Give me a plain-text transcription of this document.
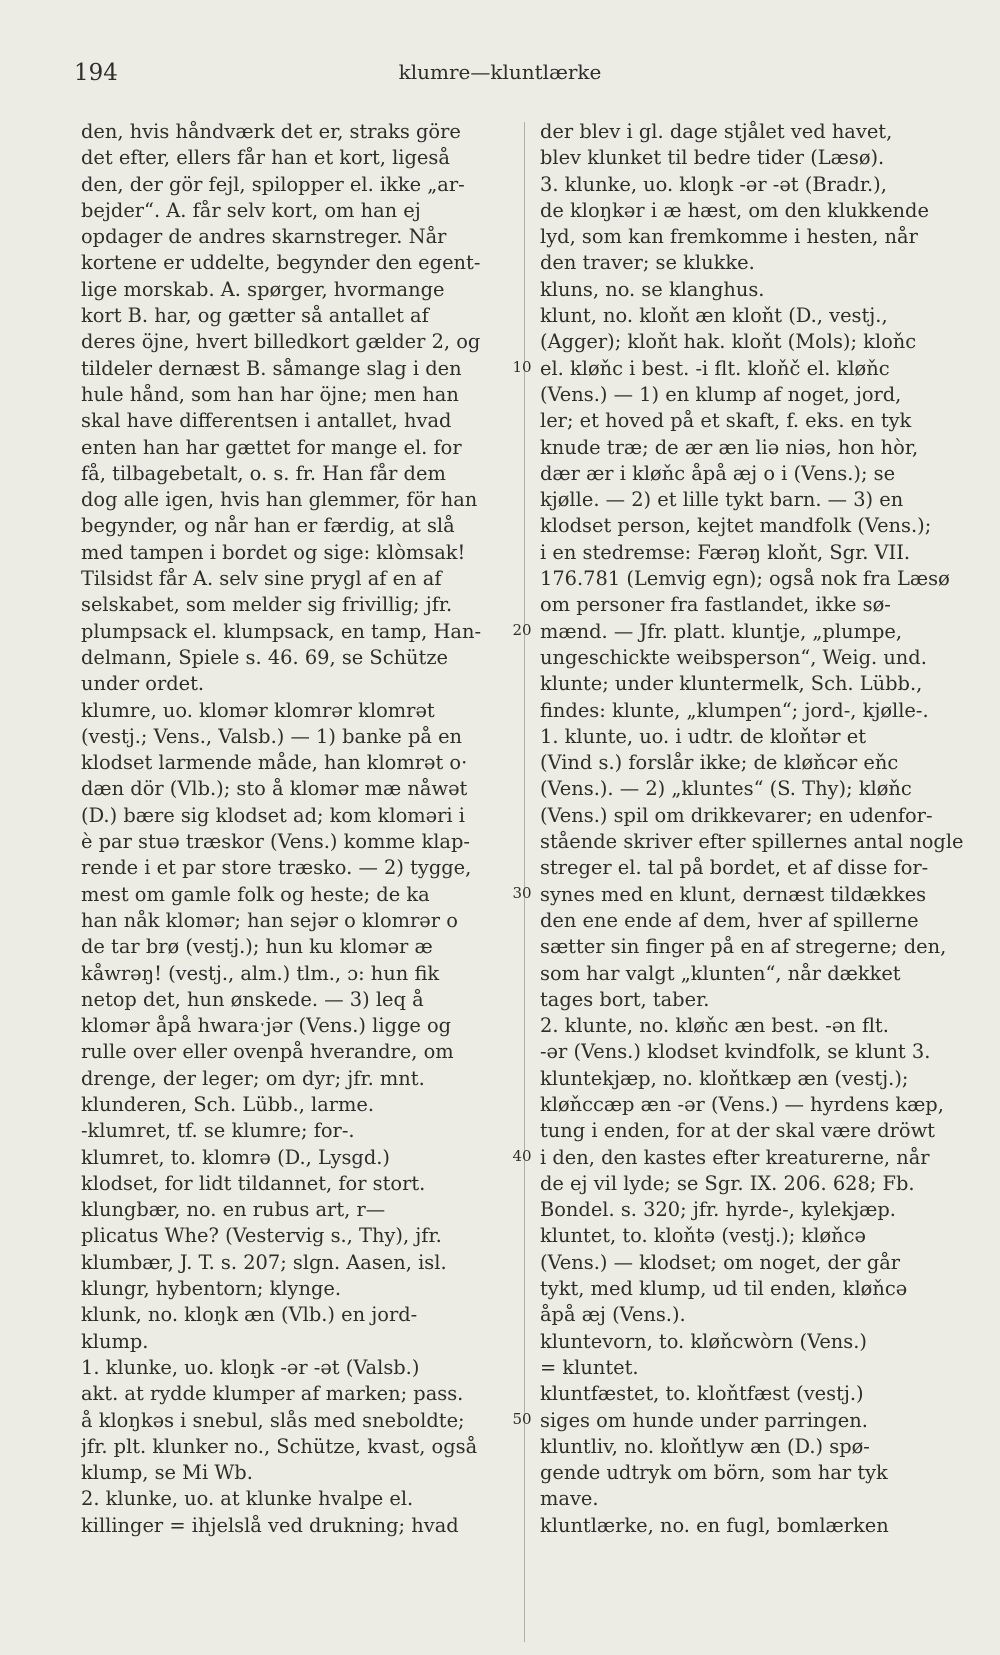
194	klumre—kluntlærke
den, hvis håndværk det er, straks göre
det efter, ellers får han et kort, ligeså
den, der gör fejl, spilopper el. ikke „ar-
bejder“. A. får selv kort, om han ej
opdager de andres skarnstreger. Når
kortene er uddelte, begynder den egent-
lige morskab. A. spørger, hvormange
kort B. har, og gætter så antallet af
deres öjne, hvert billedkort gælder 2, og
tildeler dernæst B. såmange slag i den
hule hånd, som han har öjne; men han
skal have differentsen i antallet, hvad
enten han har gættet for mange el. for
få, tilbagebetalt, o. s. fr. Han får dem
dog alle igen, hvis han glemmer, för han
begynder, og når han er færdig, at slå
med tampen i bordet og sige: klòmsak!
Tilsidst får A. selv sine prygl af en af
selskabet, som melder sig frivillig; jfr.
plumpsack el. klumpsack, en tamp, Han-
delmann, Spiele s. 46. 69, se Schütze
under ordet.
klumre, uo. klomər klomrər klomrət
(vestj.; Vens., Valsb.) — 1) banke på en
klodset larmende måde, han klomrət o·
dæn dör (Vlb.); sto å klomər mæ nåwət
(D.) bære sig klodset ad; kom kloməri i
è par stuə træskor (Vens.) komme klap-
rende i et par store træsko. — 2) tygge,
mest om gamle folk og heste; de ka
han nåk klomər; han sejər o klomrər o
de tar brø (vestj.); hun ku klomər æ
kåwrəŋ! (vestj., alm.) tlm., ɔ: hun fik
netop det, hun ønskede. — 3) leq å
klomər åpå hwaraˑjər (Vens.) ligge og
rulle over eller ovenpå hverandre, om
drenge, der leger; om dyr; jfr. mnt.
klunderen, Sch. Lübb., larme.
-klumret, tf. se klumre; for-.
klumret, to. klomrə (D., Lysgd.)
klodset, for lidt tildannet, for stort.
klungbær, no. en rubus art, r—
plicatus Whe? (Vestervig s., Thy), jfr.
klumbær, J. T. s. 207; slgn. Aasen, isl.
klungr, hybentorn; klynge.
klunk, no. kloŋk æn (Vlb.) en jord-
klump.
1. klunke, uo. kloŋk -ər -ət (Valsb.)
akt. at rydde klumper af marken; pass.
å kloŋkəs i snebul, slås med sneboldte;
jfr. plt. klunker no., Schütze, kvast, også
klump, se Mi Wb.
2. klunke, uo. at klunke hvalpe el.
killinger = ihjelslå ved drukning; hvad
der blev i gl. dage stjålet ved havet,
blev klunket til bedre tider (Læsø).
3. klunke, uo. kloŋk -ər -ət (Bradr.),
de kloŋkər i æ hæst, om den klukkende
lyd, som kan fremkomme i hesten, når
den traver; se klukke.
kluns, no. se klanghus.
klunt, no. kloňt æn kloňt (D., vestj.,
(Agger); kloňt hak. kloňt (Mols); kloňc
el. kløňc i best. -i flt. kloňč el. kløňc
(Vens.) — 1) en klump af noget, jord,
ler; et hoved på et skaft, f. eks. en tyk
knude træ; de ær æn liə niəs, hon hòr,
dær ær i kløňc åpå æj o i (Vens.); se
kjølle. — 2) et lille tykt barn. — 3) en
klodset person, kejtet mandfolk (Vens.);
i en stedremse: Færəŋ kloňt, Sgr. VII.
176.781 (Lemvig egn); også nok fra Læsø
om personer fra fastlandet, ikke sø-
mænd. — Jfr. platt. kluntje, „plumpe,
ungeschickte weibsperson“, Weig. und.
klunte; under kluntermelk, Sch. Lübb.,
findes: klunte, „klumpen“; jord-, kjølle-.
1. klunte, uo. i udtr. de kloňtər et
(Vind s.) forslår ikke; de kløňcər eňc
(Vens.). — 2) „kluntes“ (S. Thy); kløňc
(Vens.) spil om drikkevarer; en udenfor-
stående skriver efter spillernes antal nogle
streger el. tal på bordet, et af disse for-
synes med en klunt, dernæst tildækkes
den ene ende af dem, hver af spillerne
sætter sin finger på en af stregerne; den,
som har valgt „klunten“, når dækket
tages bort, taber.
2. klunte, no. kløňc æn best. -ən flt.
-ər (Vens.) klodset kvindfolk, se klunt 3.
kluntekjæp, no. kloňtkæp æn (vestj.);
kløňccæp æn -ər (Vens.) — hyrdens kæp,
tung i enden, for at der skal være dröwt
i den, den kastes efter kreaturerne, når
de ej vil lyde; se Sgr. IX. 206. 628; Fb.
Bondel. s. 320; jfr. hyrde-, kylekjæp.
kluntet, to. kloňtə (vestj.); kløňcə
(Vens.) — klodset; om noget, der går
tykt, med klump, ud til enden, kløňcə
åpå æj (Vens.).
kluntevorn, to. kløňcwòrn (Vens.)
= kluntet.
kluntfæstet, to. kloňtfæst (vestj.)
siges om hunde under parringen.
kluntliv, no. kloňtlyw æn (D.) spø-
gende udtryk om börn, som har tyk
mave.
kluntlærke, no. en fugl, bomlærken
10
20
30
40
50
